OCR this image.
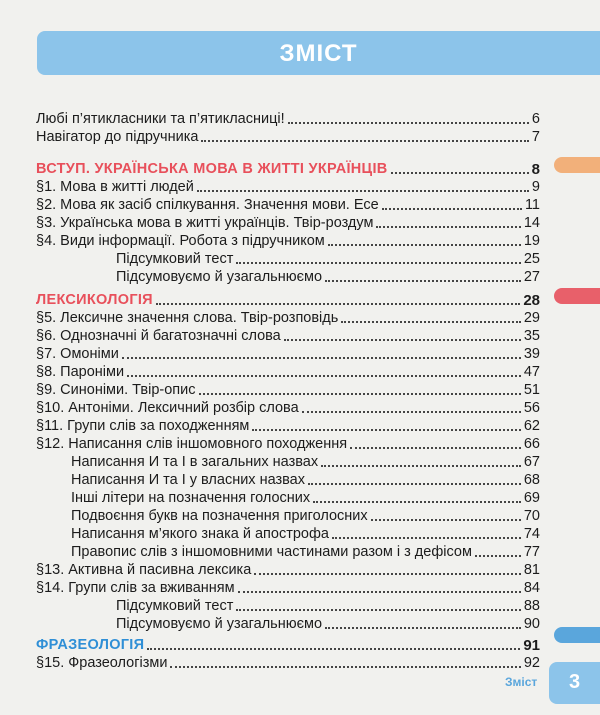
ЗМІСТ
Любі п’ятикласники та п’ятикласниці!	6
Навігатор до підручника	7
ВСТУП. УКРАЇНСЬКА МОВА В ЖИТТІ УКРАЇНЦІВ	8
§1. Мова в житті людей	9
§2. Мова як засіб спілкування. Значення мови. Есе	11
§3. Українська мова в житті українців. Твір-роздум	14
§4. Види інформації. Робота з підручником	19
Підсумковий тест	25
Підсумовуємо й узагальнюємо	27
ЛЕКСИКОЛОГІЯ	28
§5. Лексичне значення слова. Твір-розповідь	29
§6. Однозначні й багатозначні слова	35
§7. Омоніми	39
§8. Пароніми	47
§9. Синоніми. Твір-опис	51
§10. Антоніми. Лексичний розбір слова	56
§11. Групи слів за походженням	62
§12. Написання слів іншомовного походження	66
Написання И та І в загальних назвах	67
Написання И та І у власних назвах	68
Інші літери на позначення голосних	69
Подвоєння букв на позначення приголосних	70
Написання м’якого знака й апострофа	74
Правопис слів з іншомовними частинами разом і з дефісом	77
§13. Активна й пасивна лексика	81
§14. Групи слів за вживанням	84
Підсумковий тест	88
Підсумовуємо й узагальнюємо	90
ФРАЗЕОЛОГІЯ	91
§15. Фразеологізми	92
Зміст	3
